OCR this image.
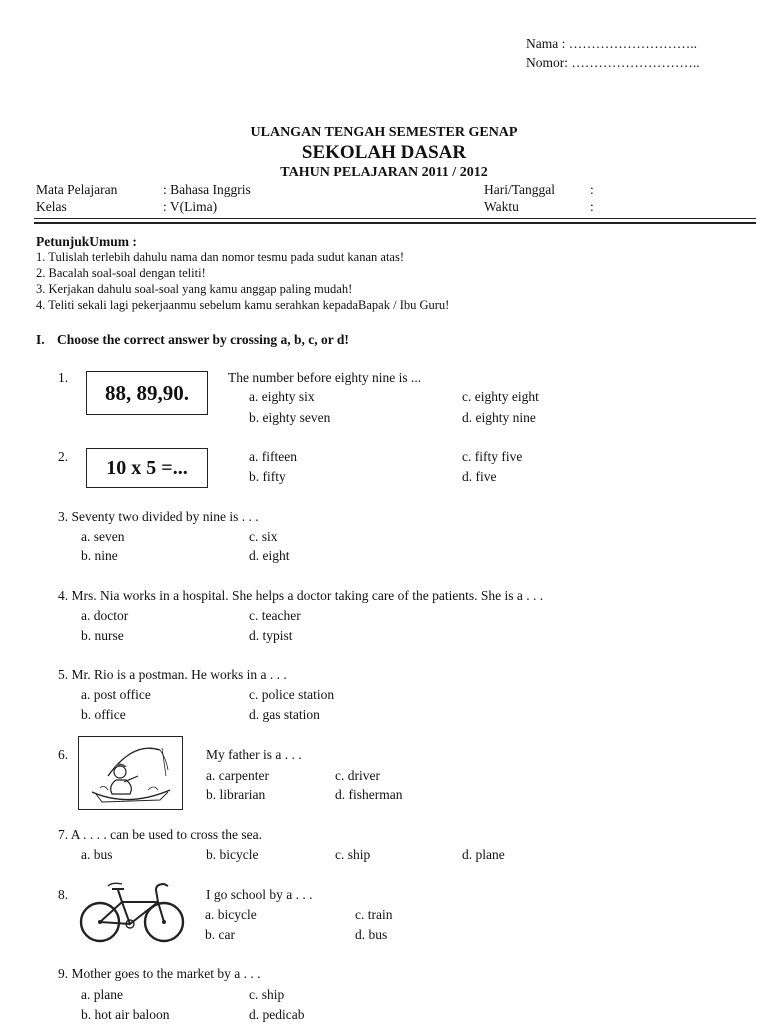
Nama : ………………………..
Nomor: ………………………..
ULANGAN TENGAH SEMESTER GENAP
SEKOLAH DASAR
TAHUN PELAJARAN 2011 / 2012
Mata Pelajaran	: Bahasa Inggris
Kelas	: V(Lima)
Hari/Tanggal	:
Waktu	:
PetunjukUmum :
1. Tulislah terlebih dahulu nama dan nomor tesmu pada sudut kanan atas!
2. Bacalah soal-soal dengan teliti!
3. Kerjakan dahulu soal-soal yang kamu anggap paling mudah!
4. Teliti sekali lagi pekerjaanmu sebelum kamu serahkan kepadaBapak / Ibu Guru!
I. Choose the correct answer by crossing a, b, c, or d!
1.
88, 89,90.
The number before eighty nine is ...
a. eighty six
b. eighty seven
c. eighty eight
d. eighty nine
2.	10 x 5 =...	a. fifteen
b. fifty
c. fifty five
d. five
3. Seventy two divided by nine is . . .
a. seven
b. nine
c. six
d. eight
4. Mrs. Nia works in a hospital. She helps a doctor taking care of the patients. She is a . . .
a. doctor
b. nurse
c. teacher
d. typist
5. Mr. Rio is a postman. He works in a . . .
a. post office
b. office
c. police station
d. gas station
6.	My father is a . . .
a. carpenter
b. librarian
c. driver
d. fisherman
7. A . . . . can be used to cross the sea.
a. bus	b. bicycle	c. ship	d. plane
8.	I go school by a . . .
a. bicycle
b. car
c. train
d. bus
9. Mother goes to the market by a . . .
a. plane
b. hot air baloon
c. ship
d. pedicab
